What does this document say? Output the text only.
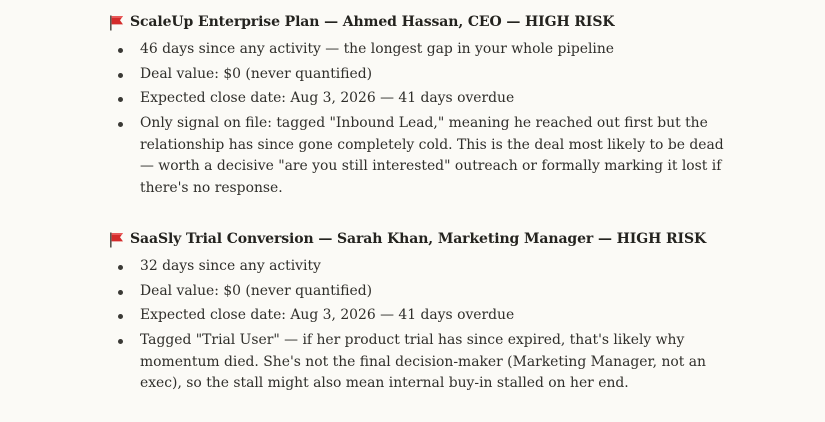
ScaleUp Enterprise Plan — Ahmed Hassan, CEO — HIGH RISK
46 days since any activity — the longest gap in your whole pipeline
Deal value: $0 (never quantified)
Expected close date: Aug 3, 2026 — 41 days overdue
Only signal on file: tagged "Inbound Lead," meaning he reached out first but the relationship has since gone completely cold. This is the deal most likely to be dead — worth a decisive "are you still interested" outreach or formally marking it lost if there's no response.
SaaSly Trial Conversion — Sarah Khan, Marketing Manager — HIGH RISK
32 days since any activity
Deal value: $0 (never quantified)
Expected close date: Aug 3, 2026 — 41 days overdue
Tagged "Trial User" — if her product trial has since expired, that's likely why momentum died. She's not the final decision-maker (Marketing Manager, not an exec), so the stall might also mean internal buy-in stalled on her end.
